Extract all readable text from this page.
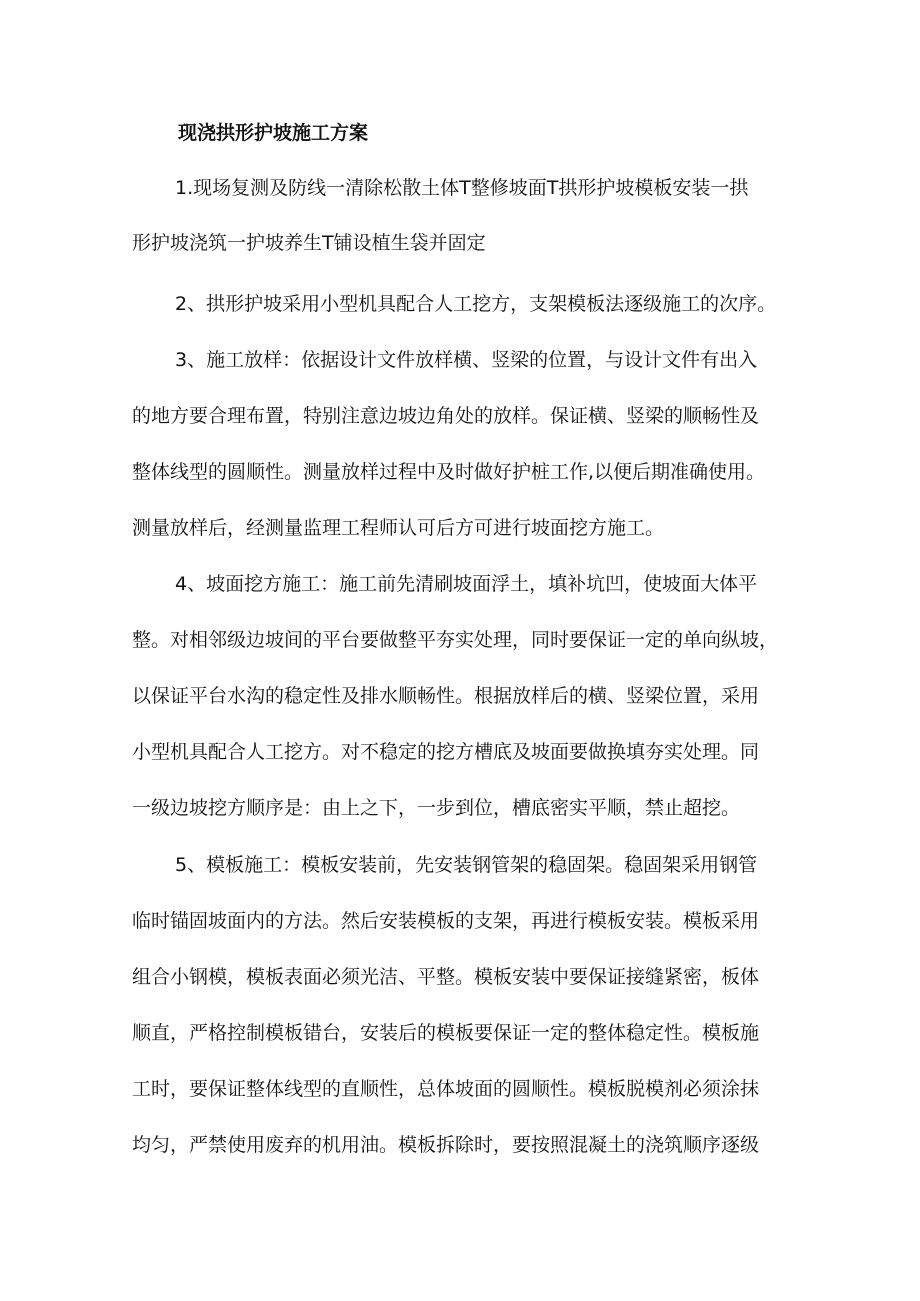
现浇拱形护坡施工方案

1.现场复测及防线一清除松散土体T整修坡面T拱形护坡模板安装一拱

形护坡浇筑一护坡养生T铺设植生袋并固定

2、拱形护坡采用小型机具配合人工挖方，支架模板法逐级施工的次序。

3、施工放样：依据设计文件放样横、竖梁的位置，与设计文件有出入

的地方要合理布置，特别注意边坡边角处的放样。保证横、竖梁的顺畅性及

整体线型的圆顺性。测量放样过程中及时做好护桩工作,以便后期准确使用。

测量放样后，经测量监理工程师认可后方可进行坡面挖方施工。

4、坡面挖方施工：施工前先清刷坡面浮土，填补坑凹，使坡面大体平

整。对相邻级边坡间的平台要做整平夯实处理，同时要保证一定的单向纵坡，

以保证平台水沟的稳定性及排水顺畅性。根据放样后的横、竖梁位置，采用

小型机具配合人工挖方。对不稳定的挖方槽底及坡面要做换填夯实处理。同

一级边坡挖方顺序是：由上之下，一步到位，槽底密实平顺，禁止超挖。

5、模板施工：模板安装前，先安装钢管架的稳固架。稳固架采用钢管

临时锚固坡面内的方法。然后安装模板的支架，再进行模板安装。模板采用

组合小钢模，模板表面必须光洁、平整。模板安装中要保证接缝紧密，板体

顺直，严格控制模板错台，安装后的模板要保证一定的整体稳定性。模板施

工时，要保证整体线型的直顺性，总体坡面的圆顺性。模板脱模剂必须涂抹

均匀，严禁使用废弃的机用油。模板拆除时，要按照混凝土的浇筑顺序逐级
